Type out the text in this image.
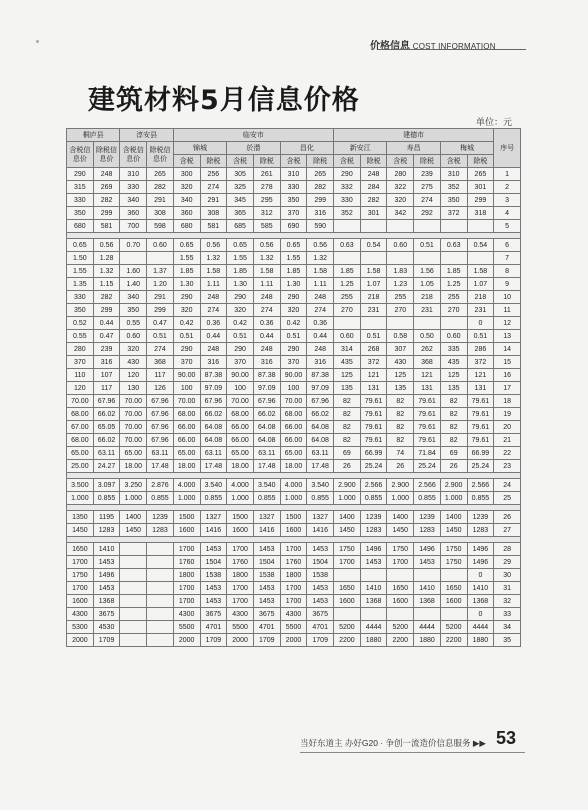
价格信息 COST INFORMATION
建筑材料5月信息价格
单位：元
桐庐县		淳安县		临安市						建德市						序号
含税信息价	除税信息价	含税信息价	除税信息价	锦城		於潜		昌化		新安江		寿昌		梅城		
				含税	除税	含税	除税	含税	除税	含税	除税	含税	除税	含税	除税	
290	248	310	265	300	256	305	261	310	265	290	248	280	239	310	265	1
315	269	330	282	320	274	325	278	330	282	332	284	322	275	352	301	2
330	282	340	291	340	291	345	295	350	299	330	282	320	274	350	299	3
350	299	360	308	360	308	365	312	370	316	352	301	342	292	372	318	4
680	581	700	598	680	581	685	585	690	590							5

0.65	0.56	0.70	0.60	0.65	0.56	0.65	0.56	0.65	0.56	0.63	0.54	0.60	0.51	0.63	0.54	6
1.50	1.28			1.55	1.32	1.55	1.32	1.55	1.32							7
1.55	1.32	1.60	1.37	1.85	1.58	1.85	1.58	1.85	1.58	1.85	1.58	1.83	1.56	1.85	1.58	8
1.35	1.15	1.40	1.20	1.30	1.11	1.30	1.11	1.30	1.11	1.25	1.07	1.23	1.05	1.25	1.07	9
330	282	340	291	290	248	290	248	290	248	255	218	255	218	255	218	10
350	299	350	299	320	274	320	274	320	274	270	231	270	231	270	231	11
0.52	0.44	0.55	0.47	0.42	0.36	0.42	0.36	0.42	0.36						0	12
0.55	0.47	0.60	0.51	0.51	0.44	0.51	0.44	0.51	0.44	0.60	0.51	0.58	0.50	0.60	0.51	13
280	239	320	274	290	248	290	248	290	248	314	268	307	262	335	286	14
370	316	430	368	370	316	370	316	370	316	435	372	430	368	435	372	15
110	107	120	117	90.00	87.38	90.00	87.38	90.00	87.38	125	121	125	121	125	121	16
120	117	130	126	100	97.09	100	97.09	100	97.09	135	131	135	131	135	131	17
70.00	67.96	70.00	67.96	70.00	67.96	70.00	67.96	70.00	67.96	82	79.61	82	79.61	82	79.61	18
68.00	66.02	70.00	67.96	68.00	66.02	68.00	66.02	68.00	66.02	82	79.61	82	79.61	82	79.61	19
67.00	65.05	70.00	67.96	66.00	64.08	66.00	64.08	66.00	64.08	82	79.61	82	79.61	82	79.61	20
68.00	66.02	70.00	67.96	66.00	64.08	66.00	64.08	66.00	64.08	82	79.61	82	79.61	82	79.61	21
65.00	63.11	65.00	63.11	65.00	63.11	65.00	63.11	65.00	63.11	69	66.99	74	71.84	69	66.99	22
25.00	24.27	18.00	17.48	18.00	17.48	18.00	17.48	18.00	17.48	26	25.24	26	25.24	26	25.24	23

3.500	3.097	3.250	2.876	4.000	3.540	4.000	3.540	4.000	3.540	2.900	2.566	2.900	2.566	2.900	2.566	24
1.000	0.855	1.000	0.855	1.000	0.855	1.000	0.855	1.000	0.855	1.000	0.855	1.000	0.855	1.000	0.855	25

1350	1195	1400	1239	1500	1327	1500	1327	1500	1327	1400	1239	1400	1239	1400	1239	26
1450	1283	1450	1283	1600	1416	1600	1416	1600	1416	1450	1283	1450	1283	1450	1283	27

1650	1410			1700	1453	1700	1453	1700	1453	1750	1496	1750	1496	1750	1496	28
1700	1453			1760	1504	1760	1504	1760	1504	1700	1453	1700	1453	1750	1496	29
1750	1496			1800	1538	1800	1538	1800	1538						0	30
1700	1453			1700	1453	1700	1453	1700	1453	1650	1410	1650	1410	1650	1410	31
1600	1368			1700	1453	1700	1453	1700	1453	1600	1368	1600	1368	1600	1368	32
4300	3675			4300	3675	4300	3675	4300	3675						0	33
5300	4530			5500	4701	5500	4701	5500	4701	5200	4444	5200	4444	5200	4444	34
2000	1709			2000	1709	2000	1709	2000	1709	2200	1880	2200	1880	2200	1880	35
当好东道主 办好G20 · 争创一流造价信息服务 ▶▶ 53
